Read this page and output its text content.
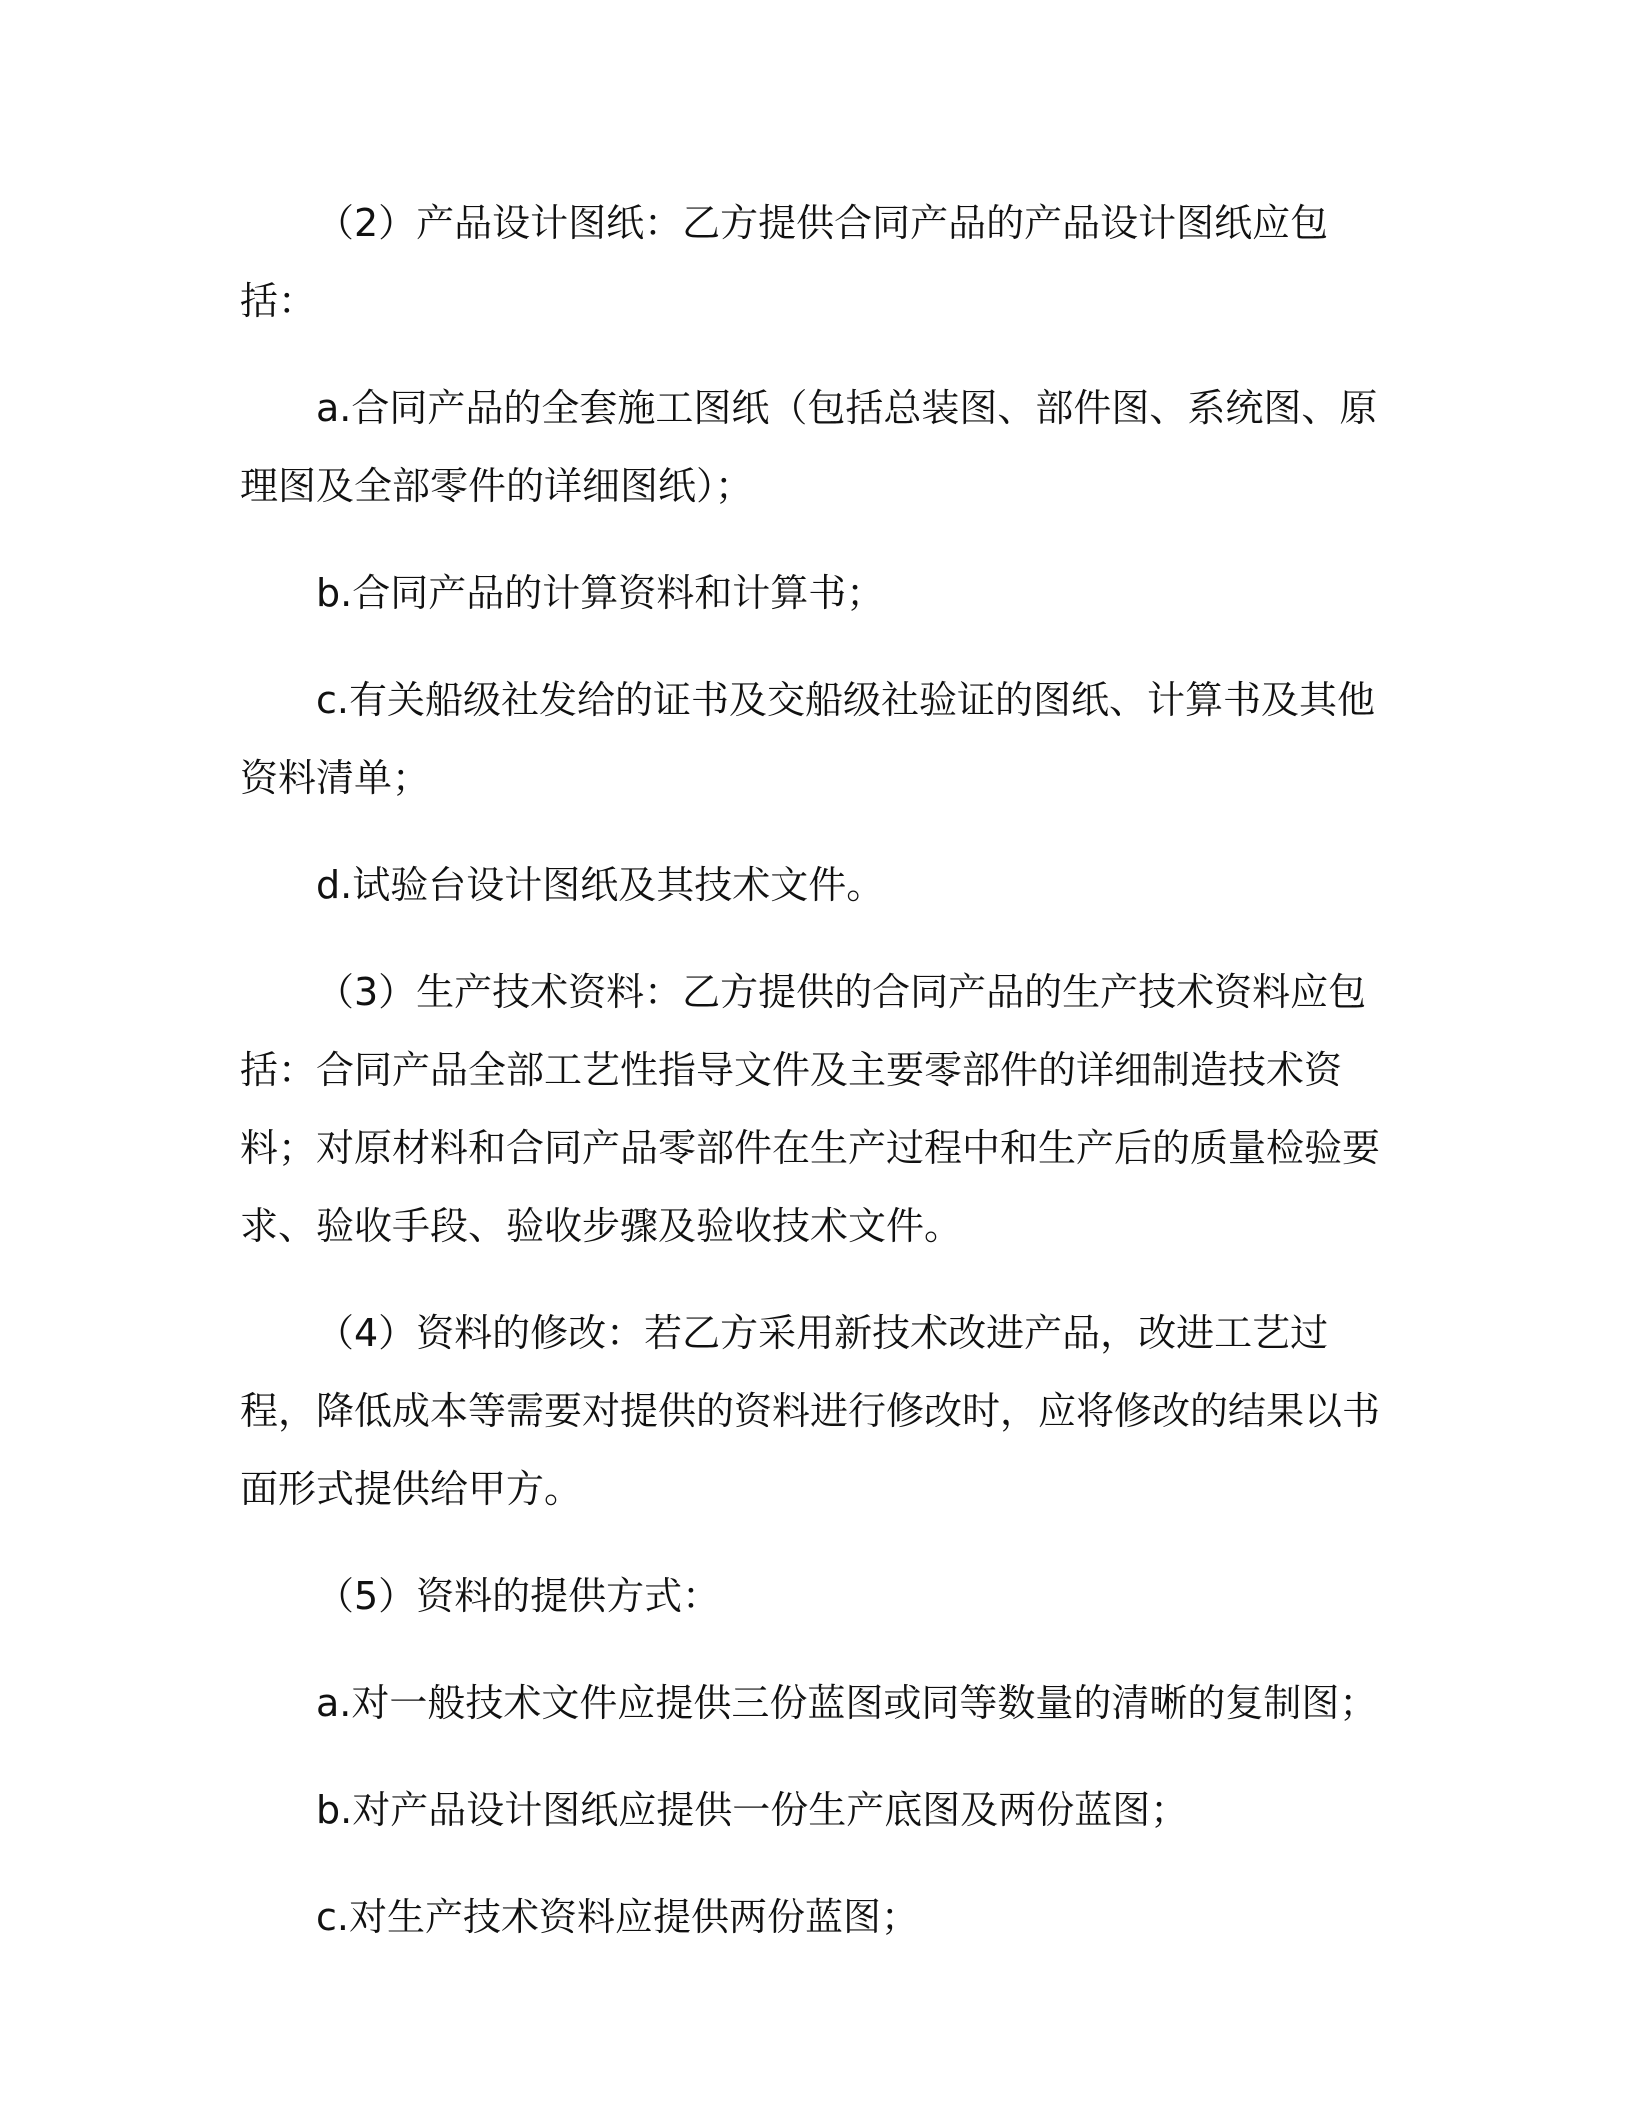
（2）产品设计图纸：乙方提供合同产品的产品设计图纸应包括：

a.合同产品的全套施工图纸（包括总装图、部件图、系统图、原理图及全部零件的详细图纸）；

b.合同产品的计算资料和计算书；

c.有关船级社发给的证书及交船级社验证的图纸、计算书及其他资料清单；

d.试验台设计图纸及其技术文件。

（3）生产技术资料：乙方提供的合同产品的生产技术资料应包括：合同产品全部工艺性指导文件及主要零部件的详细制造技术资料；对原材料和合同产品零部件在生产过程中和生产后的质量检验要求、验收手段、验收步骤及验收技术文件。

（4）资料的修改：若乙方采用新技术改进产品，改进工艺过程，降低成本等需要对提供的资料进行修改时，应将修改的结果以书面形式提供给甲方。

（5）资料的提供方式：

a.对一般技术文件应提供三份蓝图或同等数量的清晰的复制图；

b.对产品设计图纸应提供一份生产底图及两份蓝图；

c.对生产技术资料应提供两份蓝图；
